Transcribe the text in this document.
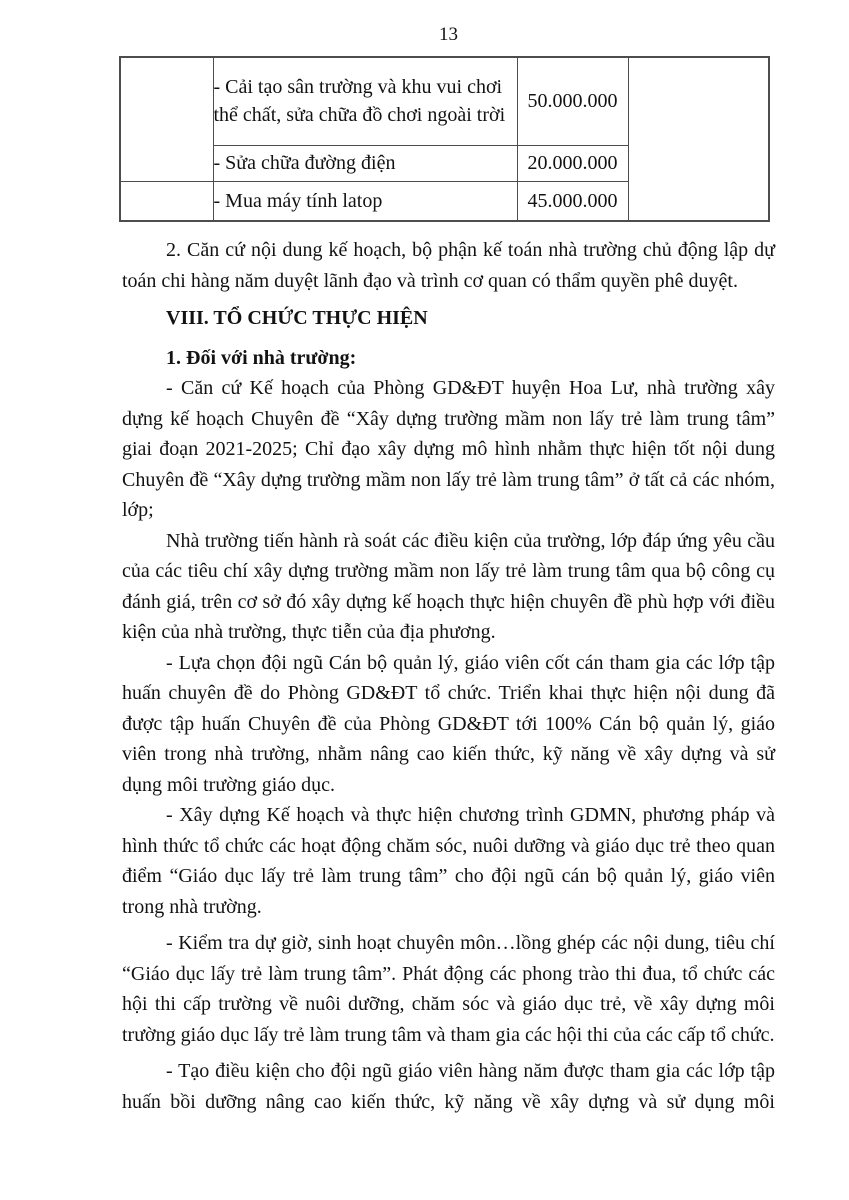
13
	- Cải tạo sân trường và khu vui chơi thể chất, sửa chữa đồ chơi ngoài trời	50.000.000	
	- Sửa chữa đường điện	20.000.000	
	- Mua máy tính latop	45.000.000	

2. Căn cứ nội dung kế hoạch, bộ phận kế toán nhà trường chủ động lập dự toán chi hàng năm duyệt lãnh đạo và trình cơ quan có thẩm quyền phê duyệt.

VIII. TỔ CHỨC THỰC HIỆN

1. Đối với nhà trường:

- Căn cứ Kế hoạch của Phòng GD&ĐT huyện Hoa Lư, nhà trường xây dựng kế hoạch Chuyên đề “Xây dựng trường mầm non lấy trẻ làm trung tâm” giai đoạn 2021-2025; Chỉ đạo xây dựng mô hình nhằm thực hiện tốt nội dung Chuyên đề “Xây dựng trường mầm non lấy trẻ làm trung tâm” ở tất cả các nhóm, lớp;

Nhà trường tiến hành rà soát các điều kiện của trường, lớp đáp ứng yêu cầu của các tiêu chí xây dựng trường mầm non lấy trẻ làm trung tâm qua bộ công cụ đánh giá, trên cơ sở đó xây dựng kế hoạch thực hiện chuyên đề phù hợp với điều kiện của nhà trường, thực tiễn của địa phương.

- Lựa chọn đội ngũ Cán bộ quản lý, giáo viên cốt cán tham gia các lớp tập huấn chuyên đề do Phòng GD&ĐT tổ chức. Triển khai thực hiện nội dung đã được tập huấn Chuyên đề của Phòng GD&ĐT tới 100% Cán bộ quản lý, giáo viên trong nhà trường, nhằm nâng cao kiến thức, kỹ năng về xây dựng và sử dụng môi trường giáo dục.

- Xây dựng Kế hoạch và thực hiện chương trình GDMN, phương pháp và hình thức tổ chức các hoạt động chăm sóc, nuôi dưỡng và giáo dục trẻ theo quan điểm “Giáo dục lấy trẻ làm trung tâm” cho đội ngũ cán bộ quản lý, giáo viên trong nhà trường.

- Kiểm tra dự giờ, sinh hoạt chuyên môn…lồng ghép các nội dung, tiêu chí “Giáo dục lấy trẻ làm trung tâm”. Phát động các phong trào thi đua, tổ chức các hội thi cấp trường về nuôi dưỡng, chăm sóc và giáo dục trẻ, về xây dựng môi trường giáo dục lấy trẻ làm trung tâm và tham gia các hội thi của các cấp tổ chức.

- Tạo điều kiện cho đội ngũ giáo viên hàng năm được tham gia các lớp tập huấn bồi dưỡng nâng cao kiến thức, kỹ năng về xây dựng và sử dụng môi
